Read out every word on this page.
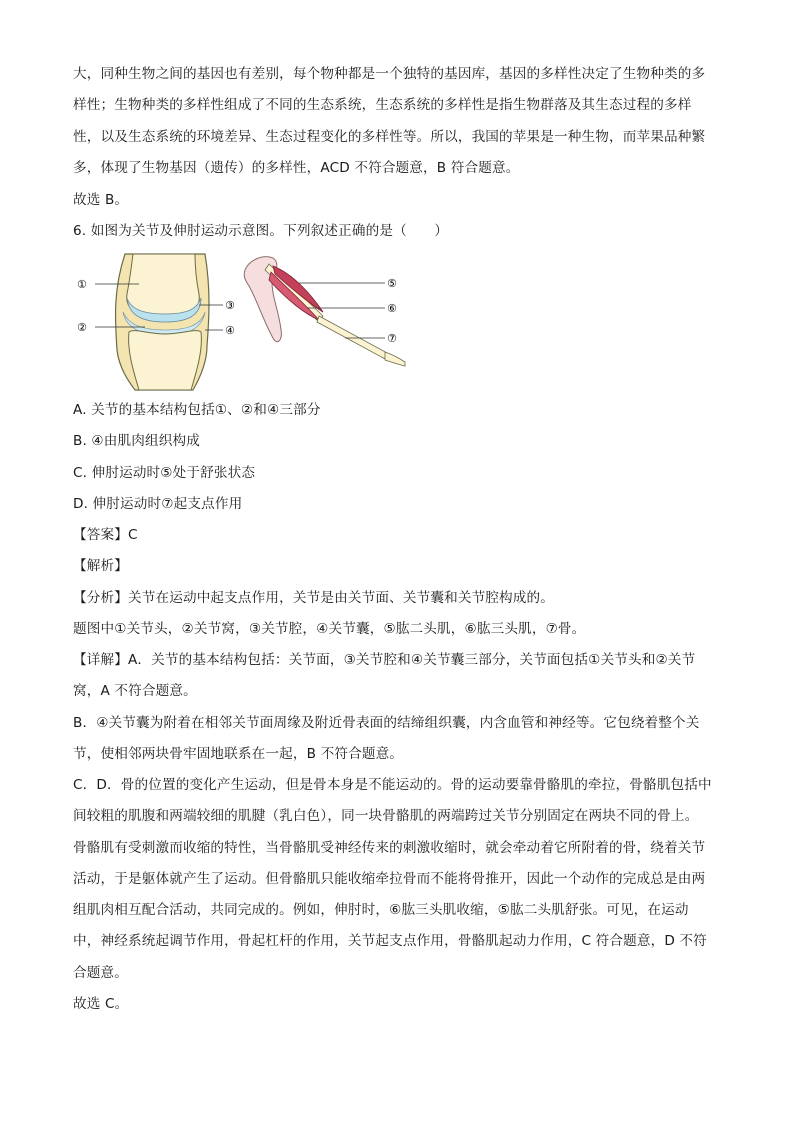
大，同种生物之间的基因也有差别，每个物种都是一个独特的基因库，基因的多样性决定了生物种类的多
样性；生物种类的多样性组成了不同的生态系统，生态系统的多样性是指生物群落及其生态过程的多样
性，以及生态系统的环境差异、生态过程变化的多样性等。所以，我国的苹果是一种生物，而苹果品种繁
多，体现了生物基因（遗传）的多样性，ACD 不符合题意，B 符合题意。
故选 B。
6. 如图为关节及伸肘运动示意图。下列叙述正确的是（　　）
①
②
③
④
⑤
⑥
⑦
A. 关节的基本结构包括①、②和④三部分
B. ④由肌肉组织构成
C. 伸肘运动时⑤处于舒张状态
D. 伸肘运动时⑦起支点作用
【答案】C
【解析】
【分析】关节在运动中起支点作用，关节是由关节面、关节囊和关节腔构成的。
题图中①关节头，②关节窝，③关节腔，④关节囊，⑤肱二头肌，⑥肱三头肌，⑦骨。
【详解】A．关节的基本结构包括：关节面，③关节腔和④关节囊三部分，关节面包括①关节头和②关节
窝，A 不符合题意。
B．④关节囊为附着在相邻关节面周缘及附近骨表面的结缔组织囊，内含血管和神经等。它包绕着整个关
节，使相邻两块骨牢固地联系在一起，B 不符合题意。
C．D．骨的位置的变化产生运动，但是骨本身是不能运动的。骨的运动要靠骨骼肌的牵拉，骨骼肌包括中
间较粗的肌腹和两端较细的肌腱（乳白色），同一块骨骼肌的两端跨过关节分别固定在两块不同的骨上。
骨骼肌有受刺激而收缩的特性，当骨骼肌受神经传来的刺激收缩时，就会牵动着它所附着的骨，绕着关节
活动，于是躯体就产生了运动。但骨骼肌只能收缩牵拉骨而不能将骨推开，因此一个动作的完成总是由两
组肌肉相互配合活动，共同完成的。例如，伸肘时，⑥肱三头肌收缩，⑤肱二头肌舒张。可见，在运动
中，神经系统起调节作用，骨起杠杆的作用，关节起支点作用，骨骼肌起动力作用，C 符合题意，D 不符
合题意。
故选 C。
